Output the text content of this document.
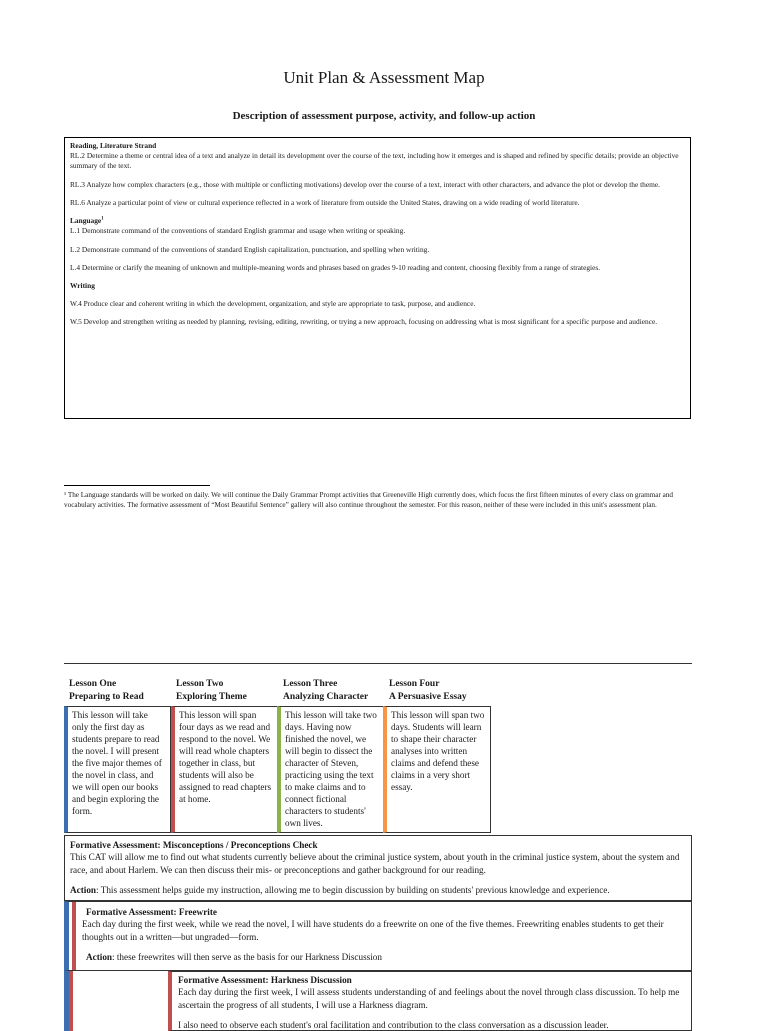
Unit Plan & Assessment Map
Description of assessment purpose, activity, and follow-up action

Reading, Literature Strand

RL.2 Determine a theme or central idea of a text and analyze in detail its development over the course of the text, including how it emerges and is shaped and refined by specific details; provide an objective summary of the text.

RL.3 Analyze how complex characters (e.g., those with multiple or conflicting motivations) develop over the course of a text, interact with other characters, and advance the plot or develop the theme.

RL.6 Analyze a particular point of view or cultural experience reflected in a work of literature from outside the United States, drawing on a wide reading of world literature.

Language$^1$

L.1 Demonstrate command of the conventions of standard English grammar and usage when writing or speaking.

L.2 Demonstrate command of the conventions of standard English capitalization, punctuation, and spelling when writing.

L.4 Determine or clarify the meaning of unknown and multiple-meaning words and phrases based on grades 9-10 reading and content, choosing flexibly from a range of strategies.

Writing

W.4 Produce clear and coherent writing in which the development, organization, and style are appropriate to task, purpose, and audience.

W.5 Develop and strengthen writing as needed by planning, revising, editing, rewriting, or trying a new approach, focusing on addressing what is most significant for a specific purpose and audience.

¹ The Language standards will be worked on daily. We will continue the Daily Grammar Prompt activities that Greeneville High currently does, which focus the first fifteen minutes of every class on grammar and vocabulary activities. The formative assessment of “Most Beautiful Sentence” gallery will also continue throughout the semester. For this reason, neither of these were included in this unit's assessment plan.
Lesson One
Preparing to Read
Lesson Two
Exploring Theme
Lesson Three
Analyzing Character
Lesson Four
A Persuasive Essay
This lesson will take only the first day as students prepare to read the novel. I will present the five major themes of the novel in class, and we will open our books and begin exploring the form.
This lesson will span four days as we read and respond to the novel. We will read whole chapters together in class, but students will also be assigned to read chapters at home.
This lesson will take two days. Having now finished the novel, we will begin to dissect the character of Steven, practicing using the text to make claims and to connect fictional characters to students' own lives.
This lesson will span two days. Students will learn to shape their character analyses into written claims and defend these claims in a very short essay.
Formative Assessment: Misconceptions / Preconceptions Check
This CAT will allow me to find out what students currently believe about the criminal justice system, about youth in the criminal justice system, about the system and race, and about Harlem. We can then discuss their mis- or preconceptions and gather background for our reading.
Action: This assessment helps guide my instruction, allowing me to begin discussion by building on students' previous knowledge and experience.
Formative Assessment: Freewrite
Each day during the first week, while we read the novel, I will have students do a freewrite on one of the five themes. Freewriting enables students to get their thoughts out in a written—but ungraded—form.
Action: these freewrites will then serve as the basis for our Harkness Discussion
Formative Assessment: Harkness Discussion
Each day during the first week, I will assess students understanding of and feelings about the novel through class discussion. To help me ascertain the progress of all students, I will use a Harkness diagram.
I also need to observe each student's oral facilitation and contribution to the class conversation as a discussion leader.
